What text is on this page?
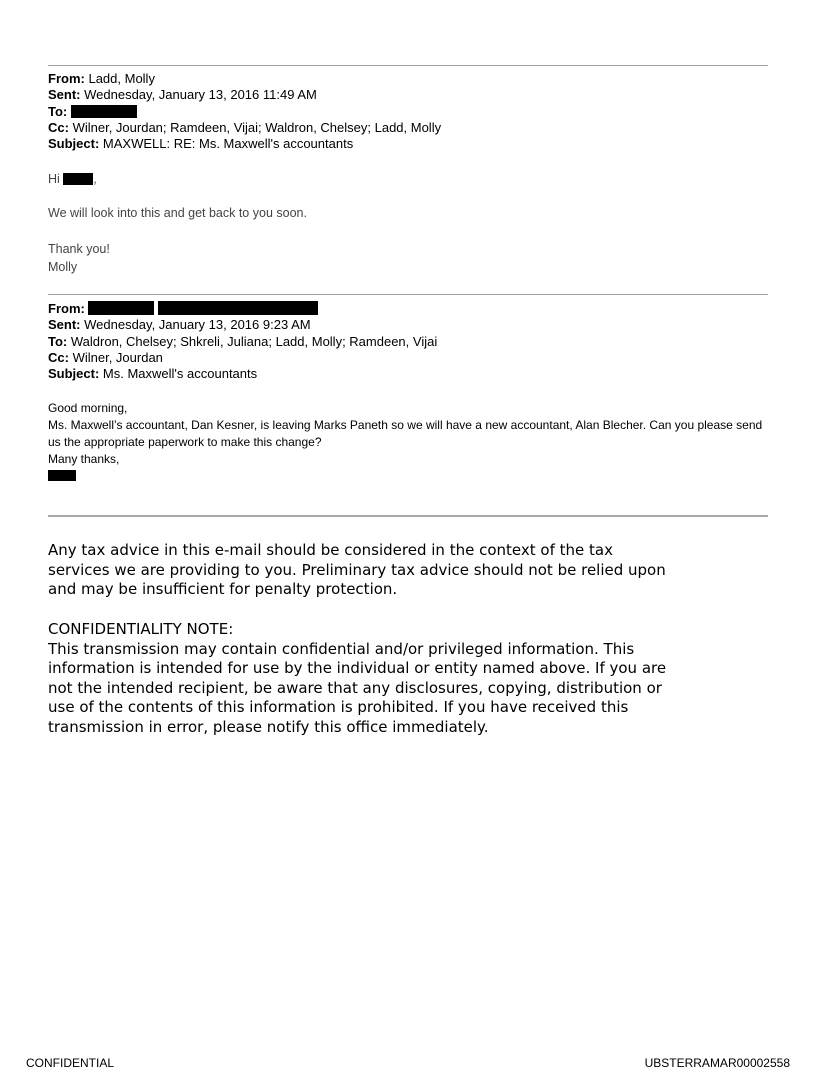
From: Ladd, Molly
Sent: Wednesday, January 13, 2016 11:49 AM
To:
Cc: Wilner, Jourdan; Ramdeen, Vijai; Waldron, Chelsey; Ladd, Molly
Subject: MAXWELL: RE: Ms. Maxwell's accountants
Hi	,
We will look into this and get back to you soon.
Thank you!
Molly
From:
Sent: Wednesday, January 13, 2016 9:23 AM
To: Waldron, Chelsey; Shkreli, Juliana; Ladd, Molly; Ramdeen, Vijai
Cc: Wilner, Jourdan
Subject: Ms. Maxwell's accountants
Good morning,
Ms. Maxwell’s accountant, Dan Kesner, is leaving Marks Paneth so we will have a new accountant, Alan Blecher. Can you please send us the appropriate paperwork to make this change?
Many thanks,
Any tax advice in this e-mail should be considered in the context of the tax services we are providing to you. Preliminary tax advice should not be relied upon and may be insufficient for penalty protection.
CONFIDENTIALITY NOTE:
This transmission may contain confidential and/or privileged information. This information is intended for use by the individual or entity named above. If you are not the intended recipient, be aware that any disclosures, copying, distribution or use of the contents of this information is prohibited. If you have received this transmission in error, please notify this office immediately.
CONFIDENTIAL	UBSTERRAMAR00002558
